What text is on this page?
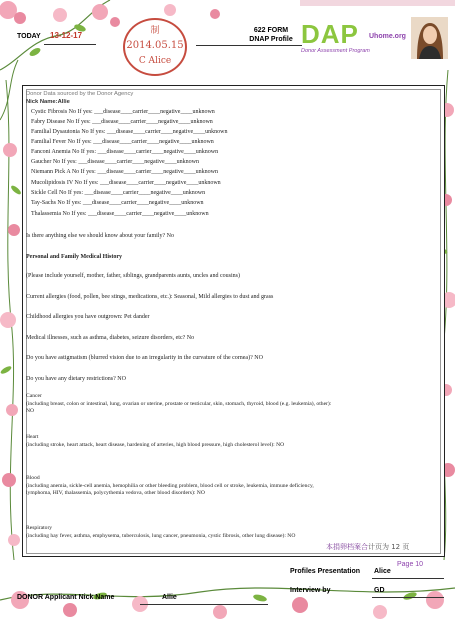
TODAY 13-12-17	制
2014.05.15
C Alice
622 FORM
DNAP Profile DAP Uhome.org
Donor Assessment Program
Donor Data sourced by the Donor Agency
Nick Name:Allie
Cystic Fibrosis No If yes: ___disease____carrier____negative____unknown
Fabry Disease No If yes: ___disease____carrier____negative____unknown
Familial Dysautonia No If yes: ___disease____carrier____negative____unknown
Familial Fever No If yes: ___disease____carrier____negative____unknown
Fanconi Anemia No If yes: ___disease____carrier____negative____unknown
Gaucher No If yes: ___disease____carrier____negative____unknown
Niemann Pick A No If yes: ___disease____carrier____negative____unknown
Mucolipidosis IV No If yes: ___disease____carrier____negative____unknown
Sickle Cell No If yes: ___disease____carrier____negative____unknown
Tay-Sachs No If yes: ___disease____carrier____negative____unknown
Thalassemia No If yes: ___disease____carrier____negative____unknown
Is there anything else we should know about your family? No
Personal and Family Medical History
(Please include yourself, mother, father, siblings, grandparents aunts, uncles and cousins)
Current allergies (food, pollen, bee stings, medications, etc.): Seasonal, Mild allergies to dust and grass
Childhood allergies you have outgrown: Pet dander
Medical illnesses, such as asthma, diabetes, seizure disorders, etc? No
Do you have astigmatism (blurred vision due to an irregularity in the curvature of the cornea)? NO
Do you have any dietary restrictions? NO
Cancer
(including breast, colon or intestinal, lung, ovarian or uterine, prostate or testicular, skin, stomach, thyroid, blood (e.g. leukemia), other): NO
Heart
(including stroke, heart attack, heart disease, hardening of arteries, high blood pressure, high cholesterol level): NO
Blood
(including anemia, sickle-cell anemia, hemophilia or other bleeding problem, blood cell or stroke, leukemia, immune deficiency, lymphoma, HIV, thalassemia, polycythemia vedova, other blood disorders): NO
Respiratory
(including hay fever, asthma, emphysema, tuberculosis, lung cancer, pneumonia, cystic fibrosis, other lung disease): NO
本捐卵档案合计页为 12 页
Profiles Presentation Alice
Page 10
Interview by	GD
DONOR Applicant Nick Name	Allie
